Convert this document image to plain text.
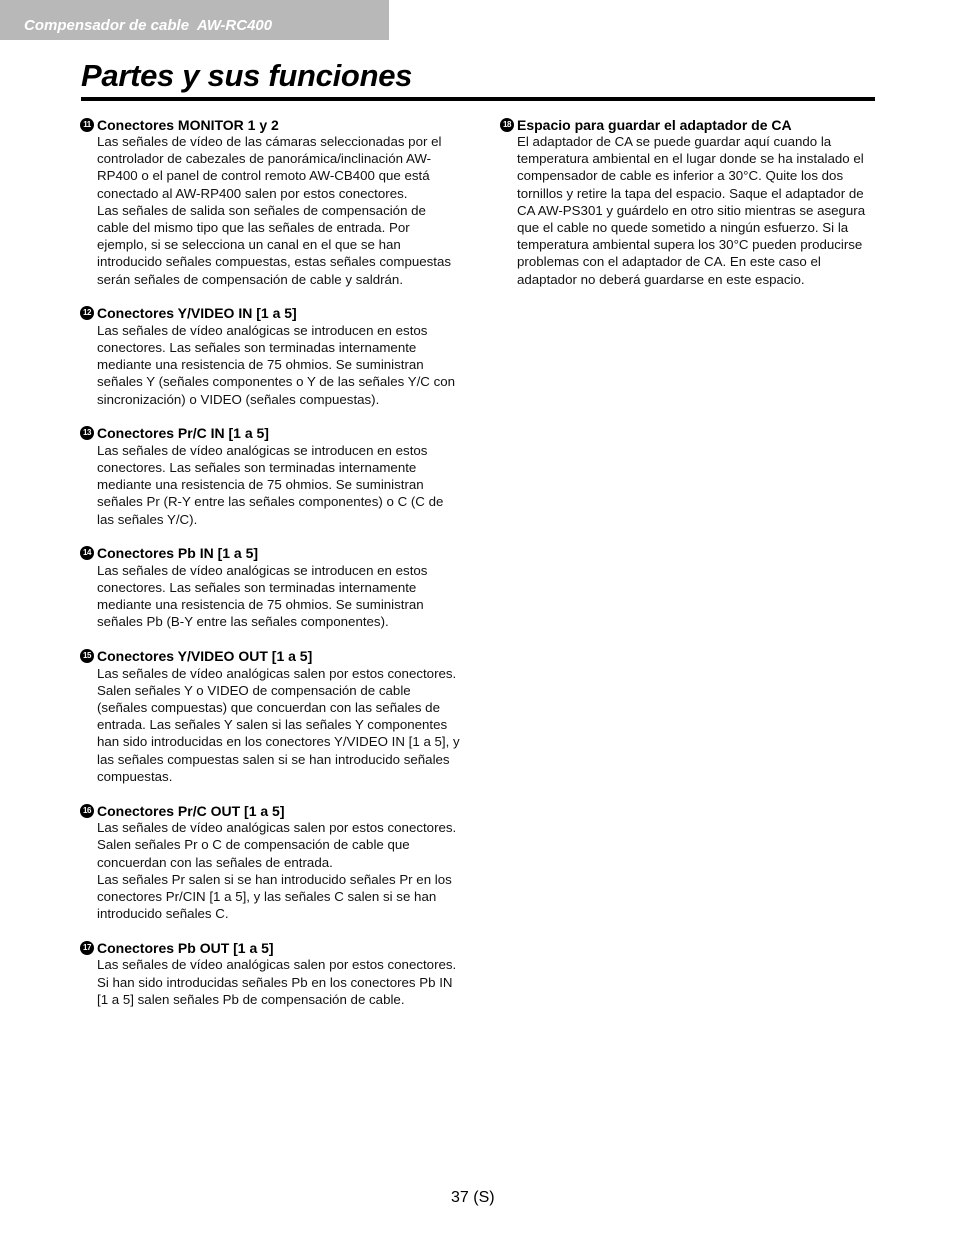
Compensador de cable  AW-RC400
Partes y sus funciones
11 Conectores MONITOR 1 y 2

Las señales de vídeo de las cámaras seleccionadas por el controlador de cabezales de panorámica/inclinación AW-RP400 o el panel de control remoto AW-CB400 que está conectado al AW-RP400 salen por estos conectores.

Las señales de salida son señales de compensación de cable del mismo tipo que las señales de entrada. Por ejemplo, si se selecciona un canal en el que se han introducido señales compuestas, estas señales compuestas serán señales de compensación de cable y saldrán.

12 Conectores Y/VIDEO IN [1 a 5]

Las señales de vídeo analógicas se introducen en estos conectores. Las señales son terminadas internamente mediante una resistencia de 75 ohmios. Se suministran señales Y (señales componentes o Y de las señales Y/C con sincronización) o VIDEO (señales compuestas).

13 Conectores Pr/C IN [1 a 5]

Las señales de vídeo analógicas se introducen en estos conectores. Las señales son terminadas internamente mediante una resistencia de 75 ohmios. Se suministran señales Pr (R-Y entre las señales componentes) o C (C de las señales Y/C).

14 Conectores Pb IN [1 a 5]

Las señales de vídeo analógicas se introducen en estos conectores. Las señales son terminadas internamente mediante una resistencia de 75 ohmios. Se suministran señales Pb (B-Y entre las señales componentes).

15 Conectores Y/VIDEO OUT [1 a 5]

Las señales de vídeo analógicas salen por estos conectores. Salen señales Y o VIDEO de compensación de cable (señales compuestas) que concuerdan con las señales de entrada. Las señales Y salen si las señales Y componentes han sido introducidas en los conectores Y/VIDEO IN [1 a 5], y las señales compuestas salen si se han introducido señales compuestas.

16 Conectores Pr/C OUT [1 a 5]

Las señales de vídeo analógicas salen por estos conectores. Salen señales Pr o C de compensación de cable que concuerdan con las señales de entrada.

Las señales Pr salen si se han introducido señales Pr en los conectores Pr/CIN [1 a 5], y las señales C salen si se han introducido señales C.

17 Conectores Pb OUT [1 a 5]

Las señales de vídeo analógicas salen por estos conectores. Si han sido introducidas señales Pb en los conectores Pb IN [1 a 5] salen señales Pb de compensación de cable.

18 Espacio para guardar el adaptador de CA

El adaptador de CA se puede guardar aquí cuando la temperatura ambiental en el lugar donde se ha instalado el compensador de cable es inferior a 30°C. Quite los dos tornillos y retire la tapa del espacio. Saque el adaptador de CA AW-PS301 y guárdelo en otro sitio mientras se asegura que el cable no quede sometido a ningún esfuerzo. Si la temperatura ambiental supera los 30°C pueden producirse problemas con el adaptador de CA. En este caso el adaptador no deberá guardarse en este espacio.

37 (S)
